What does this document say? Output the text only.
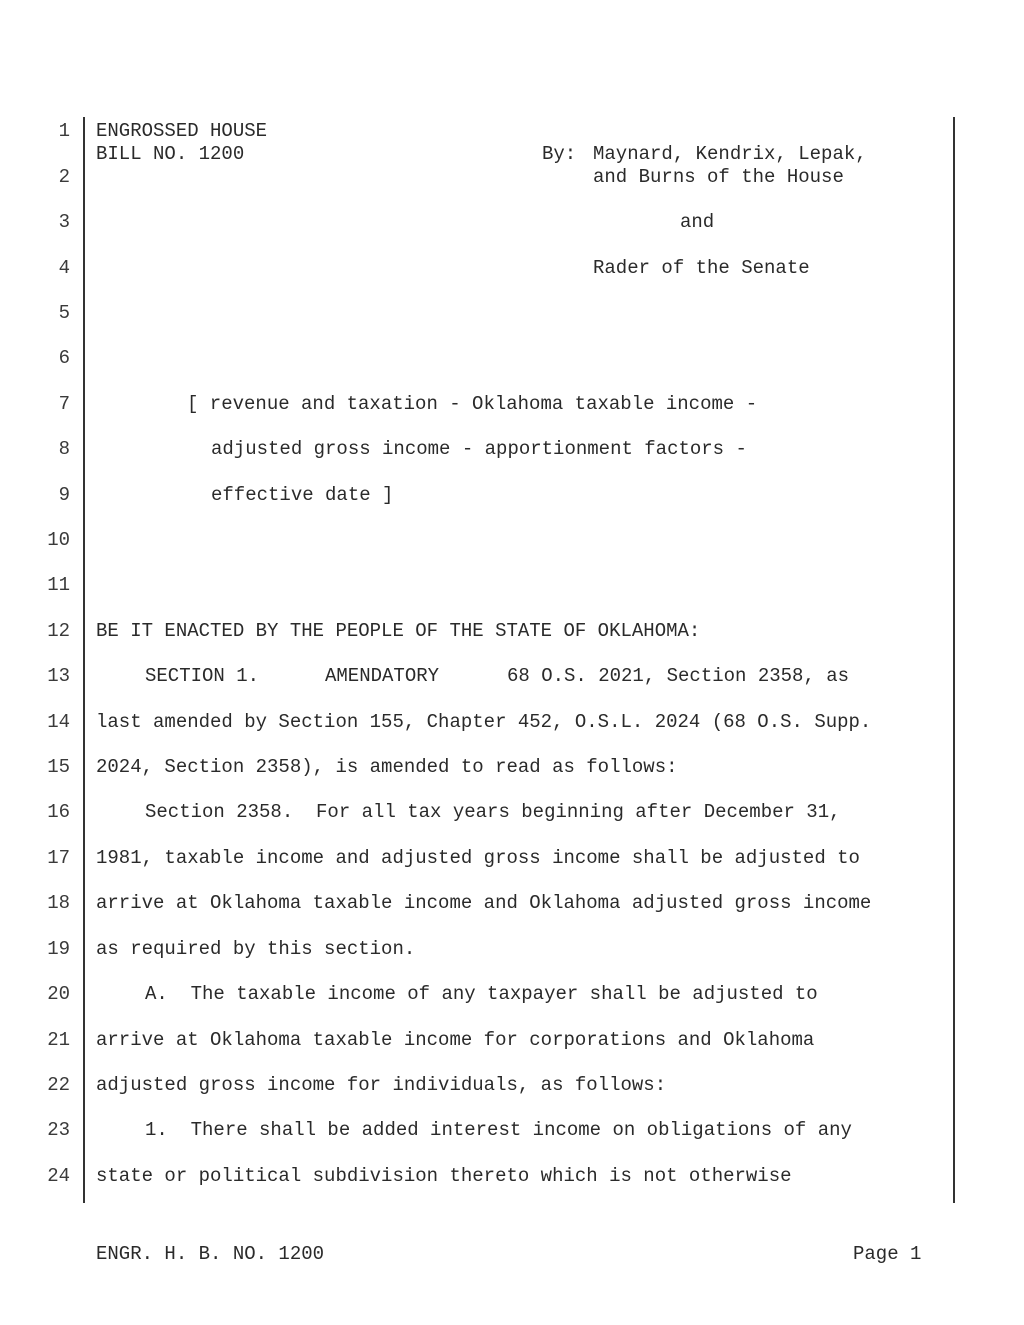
1
2
3
4
5
6
7
8
9
10
11
12
13
14
15
16
17
18
19
20
21
22
23
24
ENGROSSED HOUSE
BILL NO. 1200	By: Maynard, Kendrix, Lepak,
and Burns of the House
and
Rader of the Senate
[ revenue and taxation - Oklahoma taxable income -
adjusted gross income - apportionment factors -
effective date ]
BE IT ENACTED BY THE PEOPLE OF THE STATE OF OKLAHOMA:
SECTION 1.	AMENDATORY	68 O.S. 2021, Section 2358, as
last amended by Section 155, Chapter 452, O.S.L. 2024 (68 O.S. Supp.
2024, Section 2358), is amended to read as follows:
Section 2358.  For all tax years beginning after December 31,
1981, taxable income and adjusted gross income shall be adjusted to
arrive at Oklahoma taxable income and Oklahoma adjusted gross income
as required by this section.
A.  The taxable income of any taxpayer shall be adjusted to
arrive at Oklahoma taxable income for corporations and Oklahoma
adjusted gross income for individuals, as follows:
1.  There shall be added interest income on obligations of any
state or political subdivision thereto which is not otherwise
ENGR. H. B. NO. 1200	Page 1
